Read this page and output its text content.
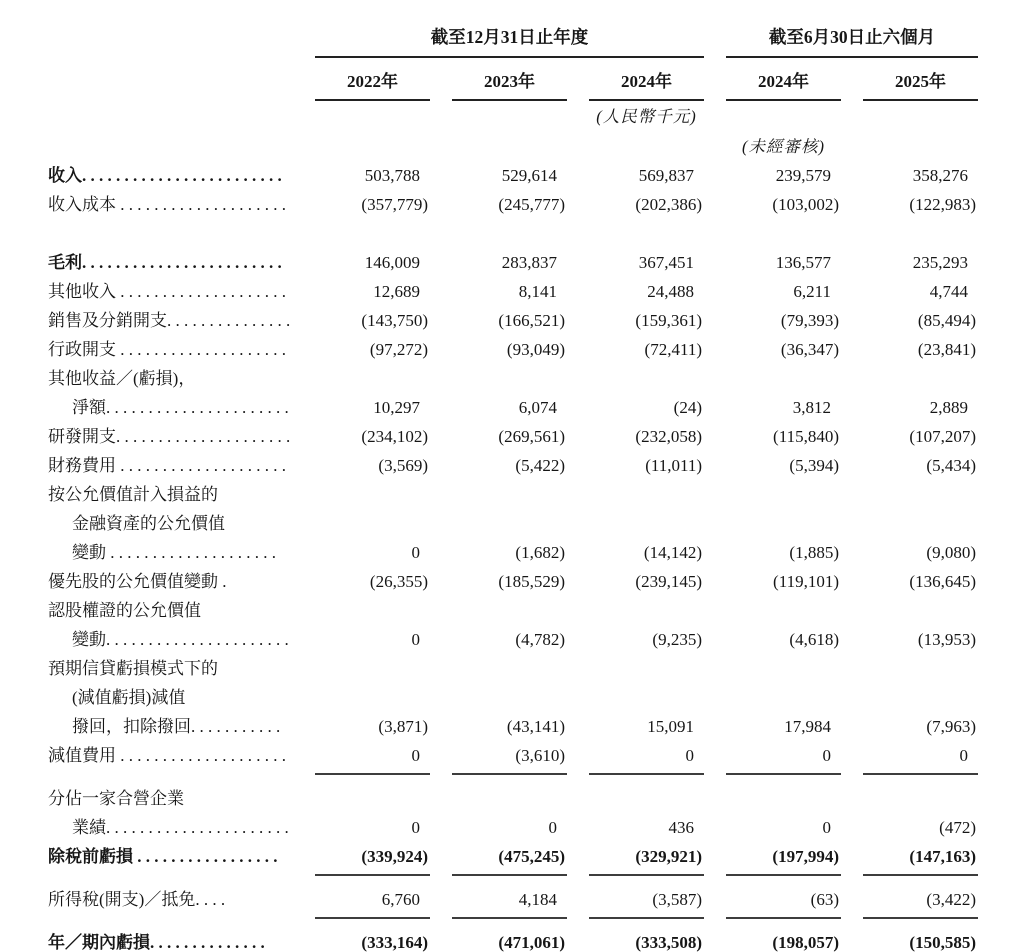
	截至12月31日止年度			截至6月30日止六個月	
	2022年	2023年	2024年	2024年	2025年
			(人民幣千元)		
				(未經審核)	
收入. . . . . . . . . . . . . . . . . . . . . . . .	503,788	529,614	569,837	239,579	358,276
收入成本 . . . . . . . . . . . . . . . . . . . .	(357,779)	(245,777)	(202,386)	(103,002)	(122,983)

毛利. . . . . . . . . . . . . . . . . . . . . . . .	146,009	283,837	367,451	136,577	235,293
其他收入 . . . . . . . . . . . . . . . . . . . .	12,689	8,141	24,488	6,211	4,744
銷售及分銷開支. . . . . . . . . . . . . . .	(143,750)	(166,521)	(159,361)	(79,393)	(85,494)
行政開支 . . . . . . . . . . . . . . . . . . . .	(97,272)	(93,049)	(72,411)	(36,347)	(23,841)
其他收益／(虧損)，					
淨額. . . . . . . . . . . . . . . . . . . . . .	10,297	6,074	(24)	3,812	2,889
研發開支. . . . . . . . . . . . . . . . . . . . .	(234,102)	(269,561)	(232,058)	(115,840)	(107,207)
財務費用 . . . . . . . . . . . . . . . . . . . .	(3,569)	(5,422)	(11,011)	(5,394)	(5,434)
按公允價值計入損益的					
金融資產的公允價值					
變動 . . . . . . . . . . . . . . . . . . . .	0	(1,682)	(14,142)	(1,885)	(9,080)
優先股的公允價值變動 .	(26,355)	(185,529)	(239,145)	(119,101)	(136,645)
認股權證的公允價值					
變動. . . . . . . . . . . . . . . . . . . . . .	0	(4,782)	(9,235)	(4,618)	(13,953)
預期信貸虧損模式下的					
(減值虧損)減值					
撥回，扣除撥回. . . . . . . . . . .	(3,871)	(43,141)	15,091	17,984	(7,963)
減值費用 . . . . . . . . . . . . . . . . . . . .	0	(3,610)	0	0	0

分佔一家合營企業					
業績. . . . . . . . . . . . . . . . . . . . . .	0	0	436	0	(472)
除稅前虧損 . . . . . . . . . . . . . . . . .	(339,924)	(475,245)	(329,921)	(197,994)	(147,163)

所得稅(開支)／抵免. . . .	6,760	4,184	(3,587)	(63)	(3,422)

年／期內虧損. . . . . . . . . . . . . .	(333,164)	(471,061)	(333,508)	(198,057)	(150,585)
